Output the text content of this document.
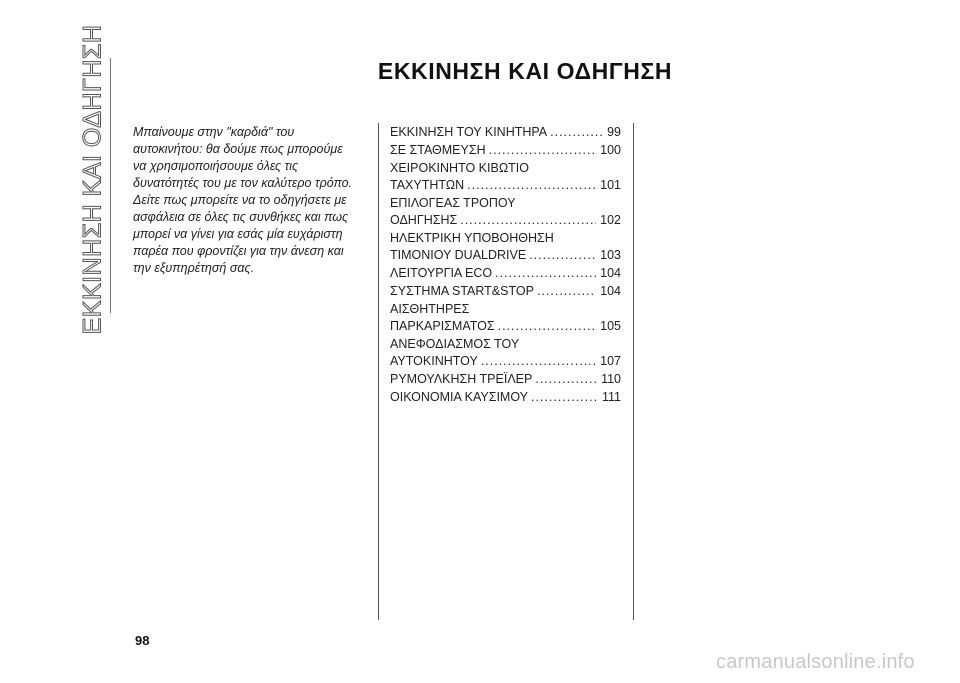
ΕΚΚΙΝΗΣΗ ΚΑΙ ΟΔΗΓΗΣΗ	ΕΚΚΙΝΗΣΗ ΚΑΙ ΟΔΗΓΗΣΗ

Μπαίνουμε στην "καρδιά" του αυτοκινήτου: θα δούμε πως μπορούμε να χρησιμοποιήσουμε όλες τις δυνατότητές του με τον καλύτερο τρόπο.

Δείτε πως μπορείτε να το οδηγήσετε με ασφάλεια σε όλες τις συνθήκες και πως μπορεί να γίνει για εσάς μία ευχάριστη παρέα που φροντίζει για την άνεση και την εξυπηρέτησή σας.

ΕΚΚΙΝΗΣΗ ΤΟΥ ΚΙΝΗΤΗΡΑ .....	99
ΣΕ ΣΤΑΘΜΕΥΣΗ .....	100
ΧΕΙΡΟΚΙΝΗΤΟ ΚΙΒΩΤΙΟ
ΤΑΧΥΤΗΤΩΝ .....	101
ΕΠΙΛΟΓΕΑΣ ΤΡΟΠΟΥ
ΟΔΗΓΗΣΗΣ .....	102
ΗΛΕΚΤΡΙΚΗ ΥΠΟΒΟΗΘΗΣΗ
ΤΙΜΟΝΙΟΥ DUALDRIVE .....	103
ΛΕΙΤΟΥΡΓΙΑ ECO .....	104
ΣΥΣΤΗΜΑ START&STOP .....	104
ΑΙΣΘΗΤΗΡΕΣ
ΠΑΡΚΑΡΙΣΜΑΤΟΣ .....	105
ΑΝΕΦΟΔΙΑΣΜΟΣ ΤΟΥ
ΑΥΤΟΚΙΝΗΤΟΥ .....	107
ΡΥΜΟΥΛΚΗΣΗ ΤΡΕΪΛΕΡ .....	110
ΟΙΚΟΝΟΜΙΑ ΚΑΥΣΙΜΟΥ .....	111
98
carmanualsonline.info
